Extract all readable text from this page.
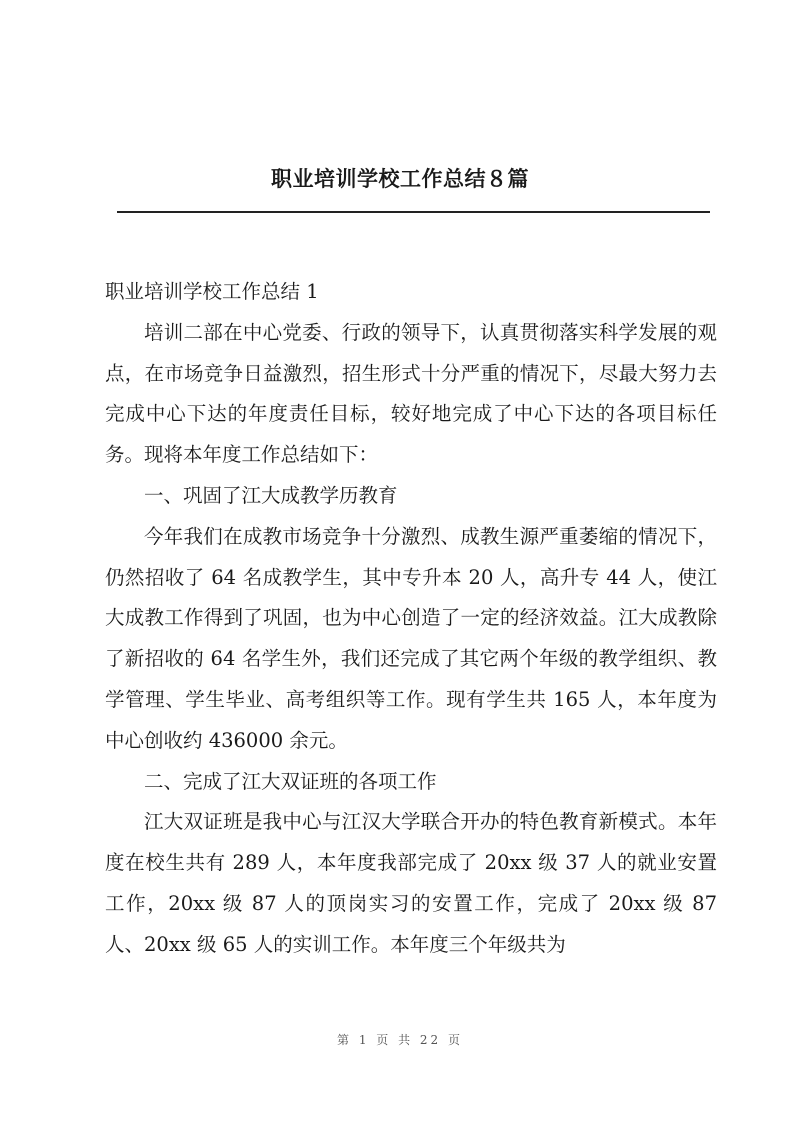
职业培训学校工作总结８篇

职业培训学校工作总结 1

培训二部在中心党委、行政的领导下，认真贯彻落实科学发展的观点，在市场竞争日益激烈，招生形式十分严重的情况下，尽最大努力去完成中心下达的年度责任目标，较好地完成了中心下达的各项目标任务。现将本年度工作总结如下：

一、巩固了江大成教学历教育

今年我们在成教市场竞争十分激烈、成教生源严重萎缩的情况下，仍然招收了 64 名成教学生，其中专升本 20 人，高升专 44 人，使江大成教工作得到了巩固，也为中心创造了一定的经济效益。江大成教除了新招收的 64 名学生外，我们还完成了其它两个年级的教学组织、教学管理、学生毕业、高考组织等工作。现有学生共 165 人，本年度为中心创收约 436000 余元。

二、完成了江大双证班的各项工作

江大双证班是我中心与江汉大学联合开办的特色教育新模式。本年度在校生共有 289 人，本年度我部完成了 20xx 级 37 人的就业安置工作，20xx 级 87 人的顶岗实习的安置工作，完成了 20xx 级 87 人、20xx 级 65 人的实训工作。本年度三个年级共为

第 1 页 共 22 页
